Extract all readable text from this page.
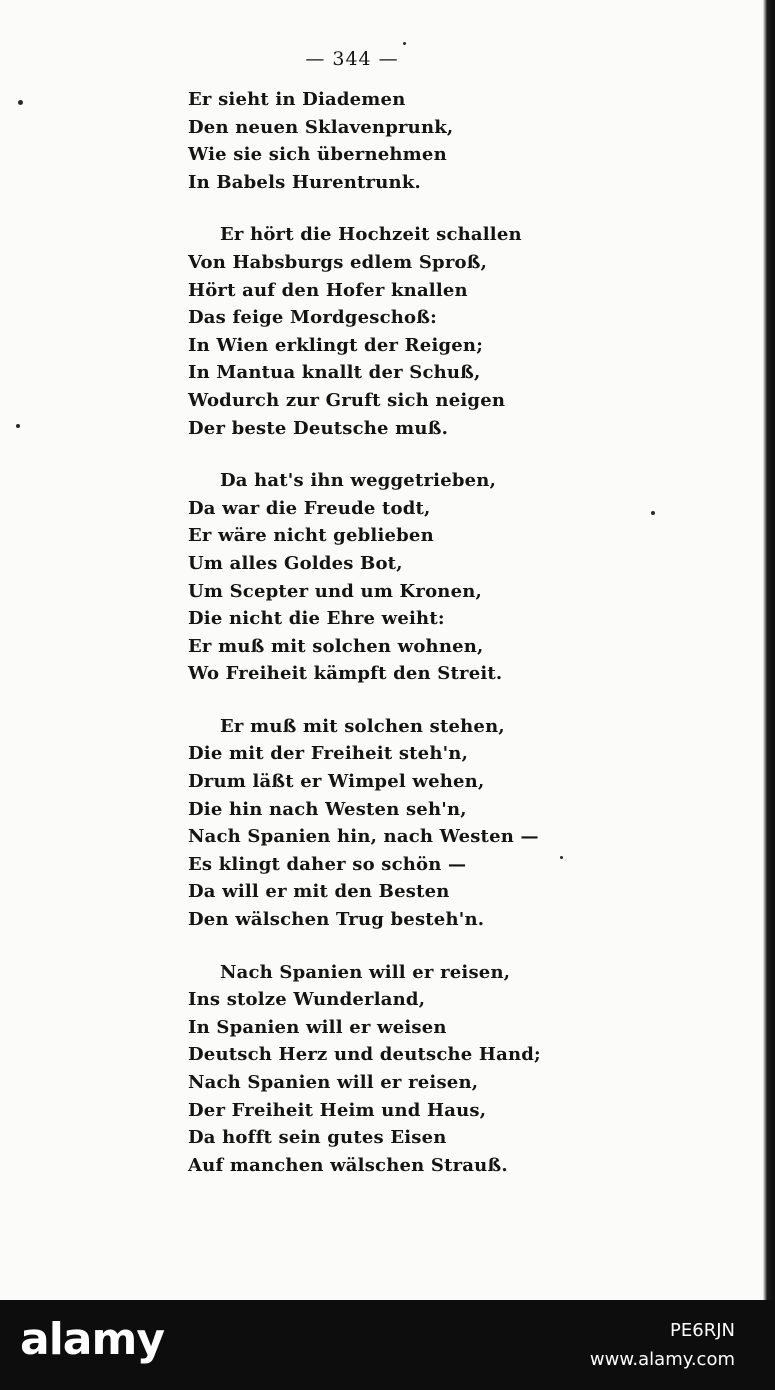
— 344 —
Er sieht in Diademen
Den neuen Sklavenprunk,
Wie sie sich übernehmen
In Babels Hurentrunk.
Er hört die Hochzeit schallen
Von Habsburgs edlem Sproß,
Hört auf den Hofer knallen
Das feige Mordgeschoß:
In Wien erklingt der Reigen;
In Mantua knallt der Schuß,
Wodurch zur Gruft sich neigen
Der beste Deutsche muß.
Da hat's ihn weggetrieben,
Da war die Freude todt,
Er wäre nicht geblieben
Um alles Goldes Bot,
Um Scepter und um Kronen,
Die nicht die Ehre weiht:
Er muß mit solchen wohnen,
Wo Freiheit kämpft den Streit.
Er muß mit solchen stehen,
Die mit der Freiheit steh'n,
Drum läßt er Wimpel wehen,
Die hin nach Westen seh'n,
Nach Spanien hin, nach Westen —
Es klingt daher so schön —
Da will er mit den Besten
Den wälschen Trug besteh'n.
Nach Spanien will er reisen,
Ins stolze Wunderland,
In Spanien will er weisen
Deutsch Herz und deutsche Hand;
Nach Spanien will er reisen,
Der Freiheit Heim und Haus,
Da hofft sein gutes Eisen
Auf manchen wälschen Strauß.
alamy	PE6RJN
www.alamy.com
